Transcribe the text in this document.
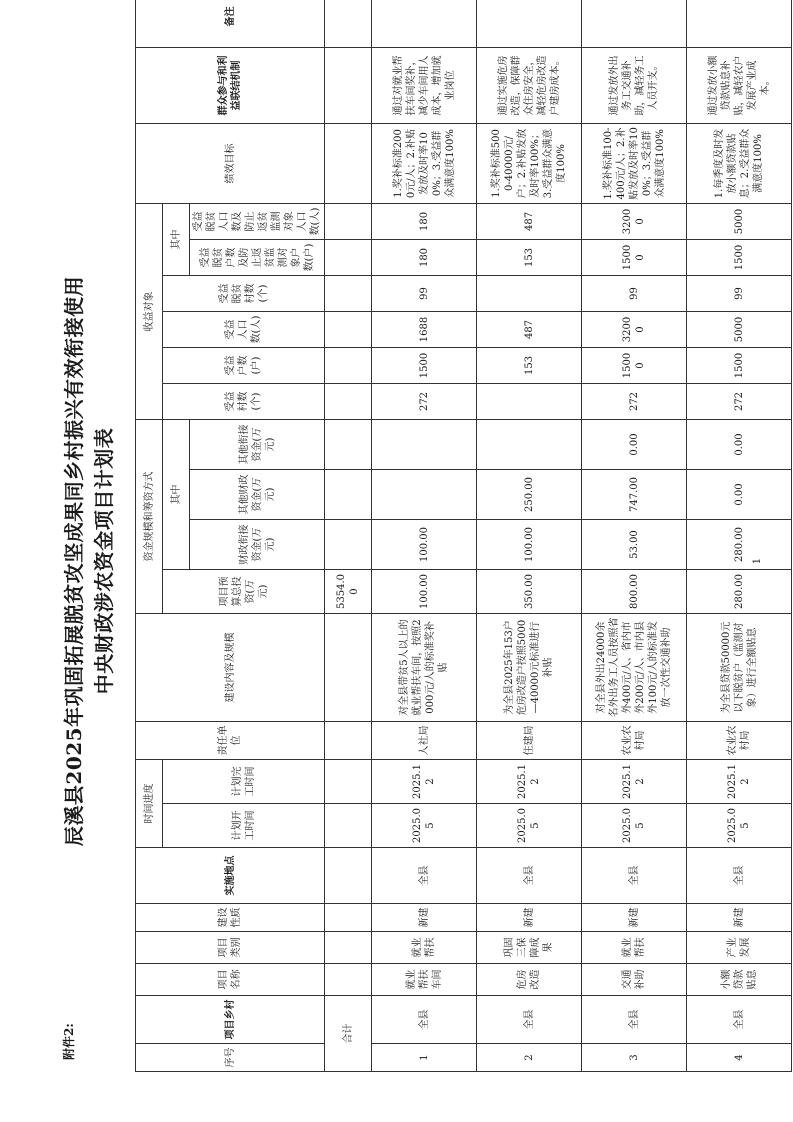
附件2:
辰溪县2025年巩固拓展脱贫攻坚成果同乡村振兴有效衔接使用 中央财政涉农资金项目计划表
序号	项目乡村	项目名称	项目类别	建设性质	实施地点	时间进度		责任单位	建设内容及规模	资金规模和筹资方式				收益对象						绩效目标	群众参与和利益联结机制	备注
						计划开工时间	计划完工时间			项目预算总投资(万元)	其中			受益村数(个)	受益户数(户)	受益人口数(人)	受益脱贫村数(个)	其中				
											财政衔接资金(万元)	其他财政资金(万元)	其他衔接资金(万元)					受益脱贫户数及防止返贫监测对象户数(户)	受益脱贫人口数及防止返贫监测对象人口数(人)			

合计										5354.00												
1	全县	就业帮扶车间	就业帮扶	新建	全县	2025.05	2025.12	人社局	对全县带贫5人以上的就业帮扶车间，按照2000元/人的标准奖补贴	100.00	100.00			272	1500	1688	99	180	180	1.奖补标准2000元/人；2.补贴发放及时率100%；3.受益群众满意度100%	通过对就业帮扶车间奖补，减少车间用人成本，增加就业岗位	
2	全县	危房改造	巩固三保障成果	新建	全县	2025.05	2025.12	住建局	为全县2025年153户危房改造户按照5000—40000元标准进行补贴	350.00	100.00	250.00			153	487		153	487	1.奖补标准5000-40000元/户；2.补贴发放及时率100%；3.受益群众满意度100%	通过实施危房改造，保障群众住房安全，减轻危房改造户建房成本。	
3	全县	交通补助	就业帮扶	新建	全县	2025.05	2025.12	农业农村局	对全县外出24000余名外出务工人员按照省外400元/人、省内市外200元/人、市内县外100元/人的标准发放一次性交通补助	800.00	53.00	747.00	0.00	272	15000	32000	99	15000	32000	1.奖补标准100-400元/人；2.补贴发放及时率100%；3.受益群众满意度100%	通过发放外出务工交通补助，减轻务工人员开支。	
4	全县	小额贷款贴息	产业发展	新建	全县	2025.05	2025.12	农业农村局	为全县贷款50000元以下脱贫户（监测对象）进行全额贴息	280.00	280.00	0.00	0.00	272	1500	5000	99	1500	5000	1.每季度及时发放小额贷款贴息；2.受益群众满意度100%	通过发放小额贷款贴息补贴，减轻农户发展产业成本。	
1
